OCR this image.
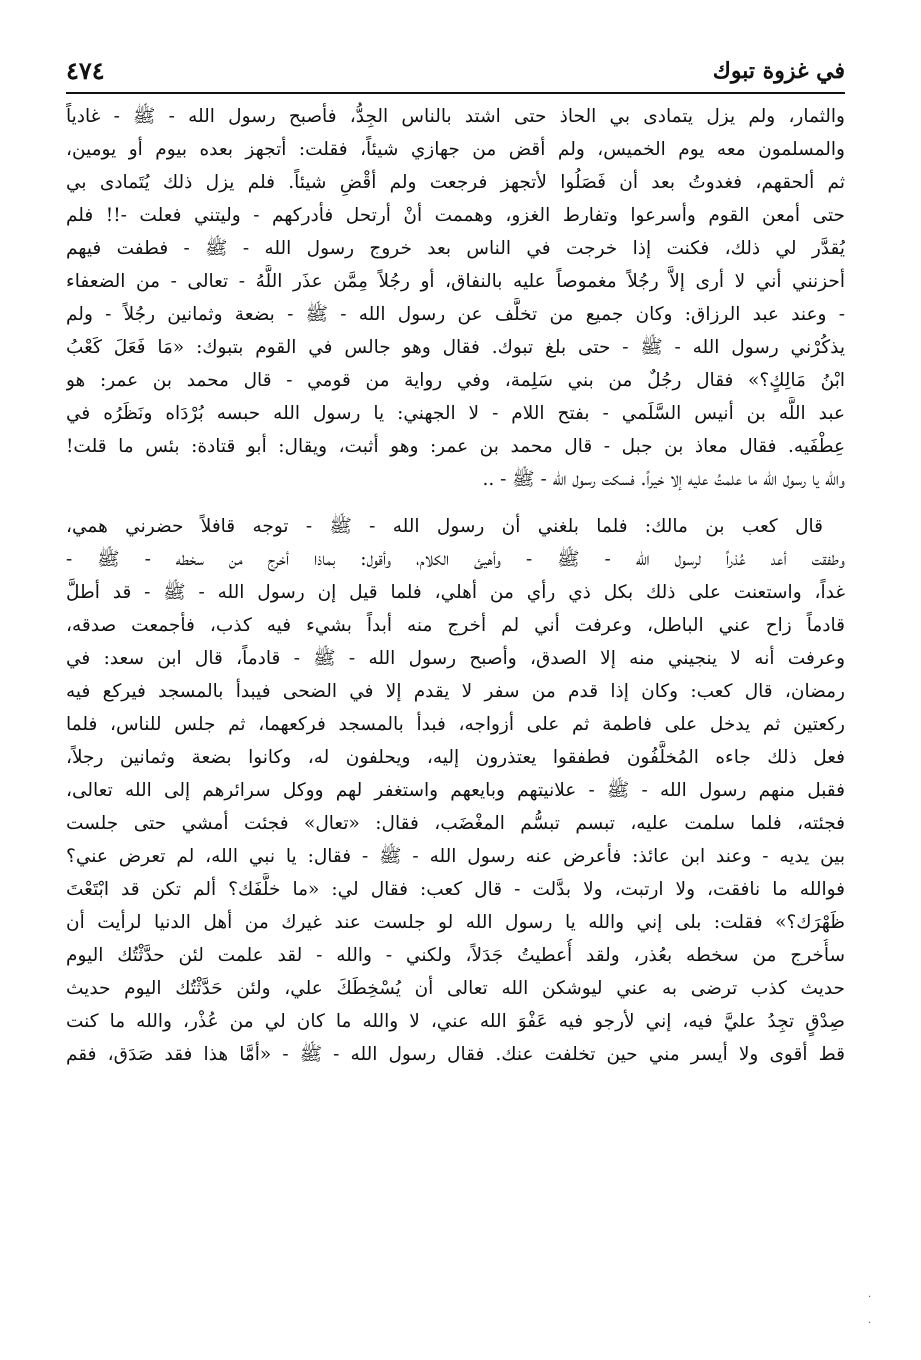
في غزوة تبوك
٤٧٤
والثمار، ولم يزل يتمادى بي الحاذ حتى اشتد بالناس الجِدُّ، فأصبح رسول الله - ﷺ - غادياً
والمسلمون معه يوم الخميس، ولم أقض من جهازي شيئاً، فقلت: أتجهز بعده بيوم أو يومين،
ثم ألحقهم، فغدوتُ بعد أن فَصَلُوا لأتجهز فرجعت ولم أقْضِ شيئاً. فلم يزل ذلك يُتَمادى بي
حتى أمعن القوم وأسرعوا وتفارط الغزو، وهممت أنْ أرتحل فأدركهم - وليتني فعلت -!! فلم
يُقدَّر لي ذلك، فكنت إذا خرجت في الناس بعد خروج رسول الله - ﷺ - فطفت فيهم
أحزنني أني لا أرى إلاَّ رجُلاً مغموصاً عليه بالنفاق، أو رجُلاً مِمَّن عذَر اللَّهُ - تعالى - من الضعفاء
- وعند عبد الرزاق: وكان جميع من تخلَّف عن رسول الله - ﷺ - بضعة وثمانين رجُلاً - ولم
يذكُرْني رسول الله - ﷺ - حتى بلغ تبوك. فقال وهو جالس في القوم بتبوك: «مَا فَعَلَ كَعْبُ
ابْنُ مَالِكٍ؟» فقال رجُلٌ من بني سَلِمة، وفي رواية من قومي - قال محمد بن عمر: هو
عبد اللَّه بن أنيس السَّلَمي - بفتح اللام - لا الجهني: يا رسول الله حبسه بُرْدَاه ونَظَرُه في
عِطْفَيه. فقال معاذ بن جبل - قال محمد بن عمر: وهو أثبت، ويقال: أبو قتادة: بئس ما قلت!
والله يا رسول الله ما علمتُ عليه إلا خيراً. فسكت رسول الله - ﷺ - ..
قال كعب بن مالك: فلما بلغني أن رسول الله - ﷺ - توجه قافلاً حضرني همي،
وطفقت أعد عُذراً لرسول الله - ﷺ - وأهيئ الكلام، وأقول: بماذا أخرج من سخطه - ﷺ -
غداً، واستعنت على ذلك بكل ذي رأي من أهلي، فلما قيل إن رسول الله - ﷺ - قد أطلَّ
قادماً زاح عني الباطل، وعرفت أني لم أخرج منه أبداً بشيء فيه كذب، فأجمعت صدقه،
وعرفت أنه لا ينجيني منه إلا الصدق، وأصبح رسول الله - ﷺ - قادماً، قال ابن سعد: في
رمضان، قال كعب: وكان إذا قدم من سفر لا يقدم إلا في الضحى فيبدأ بالمسجد فيركع فيه
ركعتين ثم يدخل على فاطمة ثم على أزواجه، فبدأ بالمسجد فركعهما، ثم جلس للناس، فلما
فعل ذلك جاءه المُخلَّفُون فطفقوا يعتذرون إليه، ويحلفون له، وكانوا بضعة وثمانين رجلاً،
فقبل منهم رسول الله - ﷺ - علانيتهم وبايعهم واستغفر لهم ووكل سرائرهم إلى الله تعالى،
فجئته، فلما سلمت عليه، تبسم تبسُّم المغْضَب، فقال: «تعال» فجئت أمشي حتى جلست
بين يديه - وعند ابن عائذ: فأعرض عنه رسول الله - ﷺ - فقال: يا نبي الله، لم تعرض عني؟
فوالله ما نافقت، ولا ارتبت، ولا بدَّلت - قال كعب: فقال لي: «ما خلَّفَك؟ ألم تكن قد ابْتَعْتَ
ظَهْرَك؟» فقلت: بلى إني والله يا رسول الله لو جلست عند غيرك من أهل الدنيا لرأيت أن
سأُخرج من سخطه بعُذر، ولقد أُعطيتُ جَدَلاً، ولكني - والله - لقد علمت لئن حدَّثْتُك اليوم
حديث كذب ترضى به عني ليوشكن الله تعالى أن يُسْخِطَكَ علي، ولئن حَدَّثْتُك اليوم حديث
صِدْقٍ تجِدُ عليَّ فيه، إني لأرجو فيه عَفْوَ الله عني، لا والله ما كان لي من عُذْر، والله ما كنت
قط أقوى ولا أيسر مني حين تخلفت عنك. فقال رسول الله - ﷺ - «أمَّا هذا فقد صَدَق، فقم
·
·
